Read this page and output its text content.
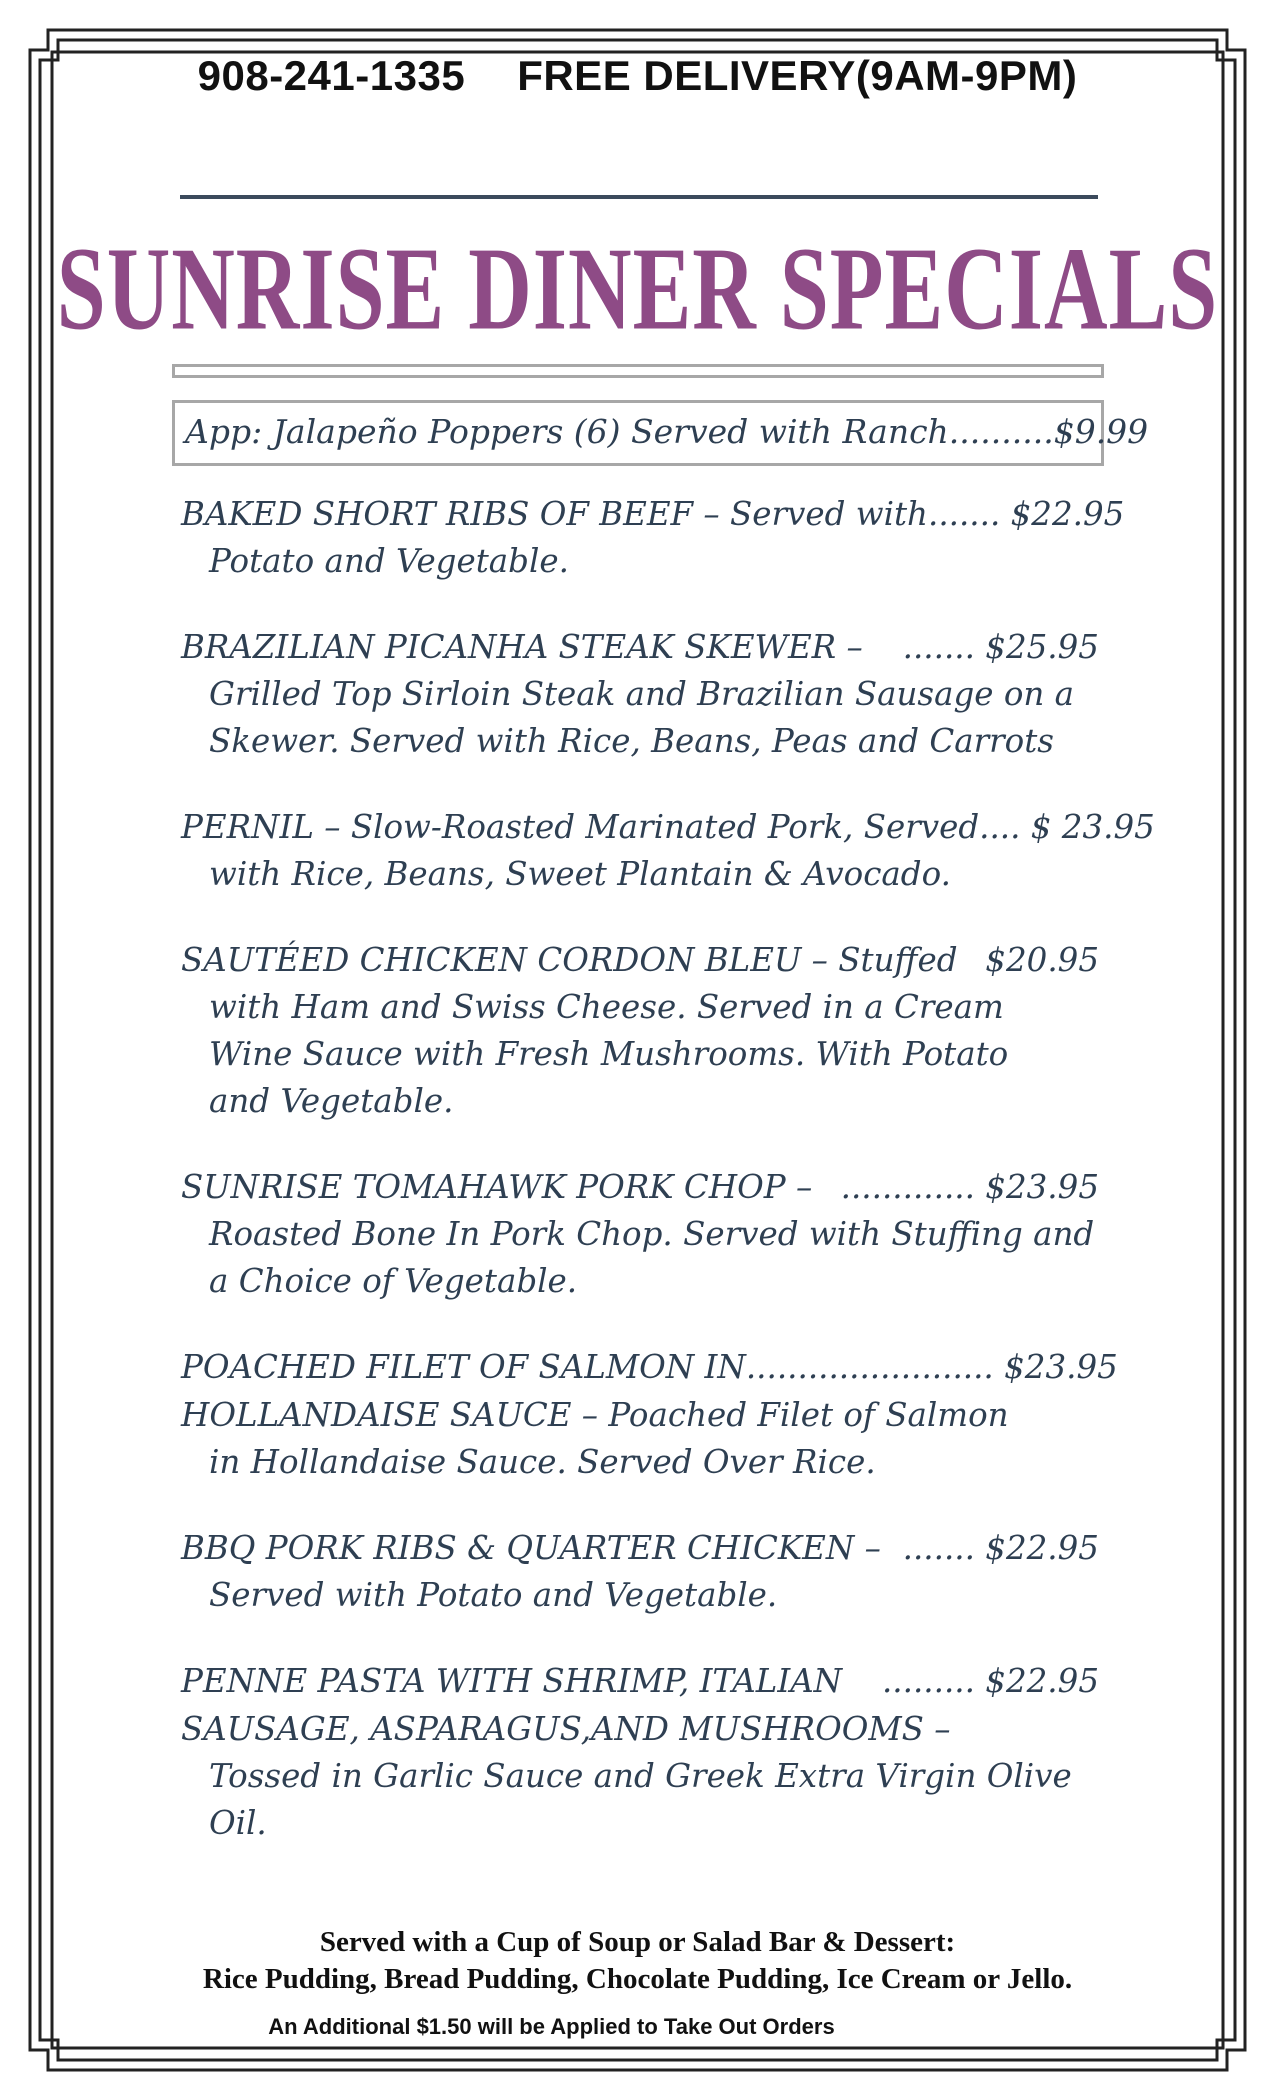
908-241-1335 FREE DELIVERY(9AM-9PM)
SUNRISE DINER SPECIALS
App: Jalapeño Poppers (6) Served with Ranch..........$9.99
BAKED SHORT RIBS OF BEEF – Served with ....... $22.95
Potato and Vegetable.
BRAZILIAN PICANHA STEAK SKEWER – ....... $25.95
Grilled Top Sirloin Steak and Brazilian Sausage on a
Skewer. Served with Rice, Beans, Peas and Carrots
PERNIL – Slow-Roasted Marinated Pork, Served .... $ 23.95
with Rice, Beans, Sweet Plantain & Avocado.
SAUTÉED CHICKEN CORDON BLEU – Stuffed $20.95
with Ham and Swiss Cheese. Served in a Cream
Wine Sauce with Fresh Mushrooms. With Potato
and Vegetable.
SUNRISE TOMAHAWK PORK CHOP – ............. $23.95
Roasted Bone In Pork Chop. Served with Stuffing and
a Choice of Vegetable.
POACHED FILET OF SALMON IN ........................ $23.95
HOLLANDAISE SAUCE – Poached Filet of Salmon
in Hollandaise Sauce. Served Over Rice.
BBQ PORK RIBS & QUARTER CHICKEN – ....... $22.95
Served with Potato and Vegetable.
PENNE PASTA WITH SHRIMP, ITALIAN ......... $22.95
SAUSAGE, ASPARAGUS,AND MUSHROOMS –
Tossed in Garlic Sauce and Greek Extra Virgin Olive
Oil.
Served with a Cup of Soup or Salad Bar & Dessert:
Rice Pudding, Bread Pudding, Chocolate Pudding, Ice Cream or Jello.
An Additional $1.50 will be Applied to Take Out Orders
